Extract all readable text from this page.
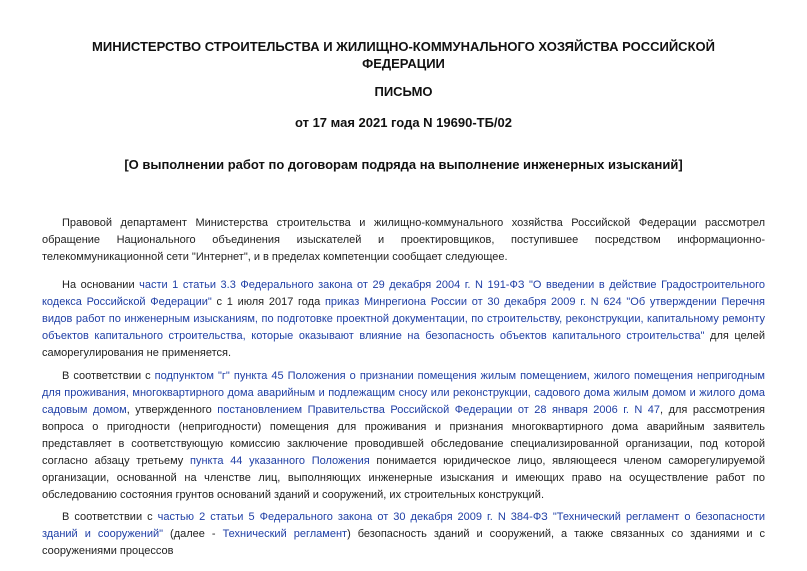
МИНИСТЕРСТВО СТРОИТЕЛЬСТВА И ЖИЛИЩНО-КОММУНАЛЬНОГО ХОЗЯЙСТВА РОССИЙСКОЙ ФЕДЕРАЦИИ
ПИСЬМО
от 17 мая 2021 года N 19690-ТБ/02
[О выполнении работ по договорам подряда на выполнение инженерных изысканий]

Правовой департамент Министерства строительства и жилищно-коммунального хозяйства Российской Федерации рассмотрел обращение Национального объединения изыскателей и проектировщиков, поступившее посредством информационно-телекоммуникационной сети "Интернет", и в пределах компетенции сообщает следующее.

На основании части 1 статьи 3.3 Федерального закона от 29 декабря 2004 г. N 191-ФЗ "О введении в действие Градостроительного кодекса Российской Федерации" с 1 июля 2017 года приказ Минрегиона России от 30 декабря 2009 г. N 624 "Об утверждении Перечня видов работ по инженерным изысканиям, по подготовке проектной документации, по строительству, реконструкции, капитальному ремонту объектов капитального строительства, которые оказывают влияние на безопасность объектов капитального строительства" для целей саморегулирования не применяется.

В соответствии с подпунктом "г" пункта 45 Положения о признании помещения жилым помещением, жилого помещения непригодным для проживания, многоквартирного дома аварийным и подлежащим сносу или реконструкции, садового дома жилым домом и жилого дома садовым домом, утвержденного постановлением Правительства Российской Федерации от 28 января 2006 г. N 47, для рассмотрения вопроса о пригодности (непригодности) помещения для проживания и признания многоквартирного дома аварийным заявитель представляет в соответствующую комиссию заключение проводившей обследование специализированной организации, под которой согласно абзацу третьему пункта 44 указанного Положения понимается юридическое лицо, являющееся членом саморегулируемой организации, основанной на членстве лиц, выполняющих инженерные изыскания и имеющих право на осуществление работ по обследованию состояния грунтов оснований зданий и сооружений, их строительных конструкций.

В соответствии с частью 2 статьи 5 Федерального закона от 30 декабря 2009 г. N 384-ФЗ "Технический регламент о безопасности зданий и сооружений" (далее - Технический регламент) безопасность зданий и сооружений, а также связанных со зданиями и с сооружениями процессов
